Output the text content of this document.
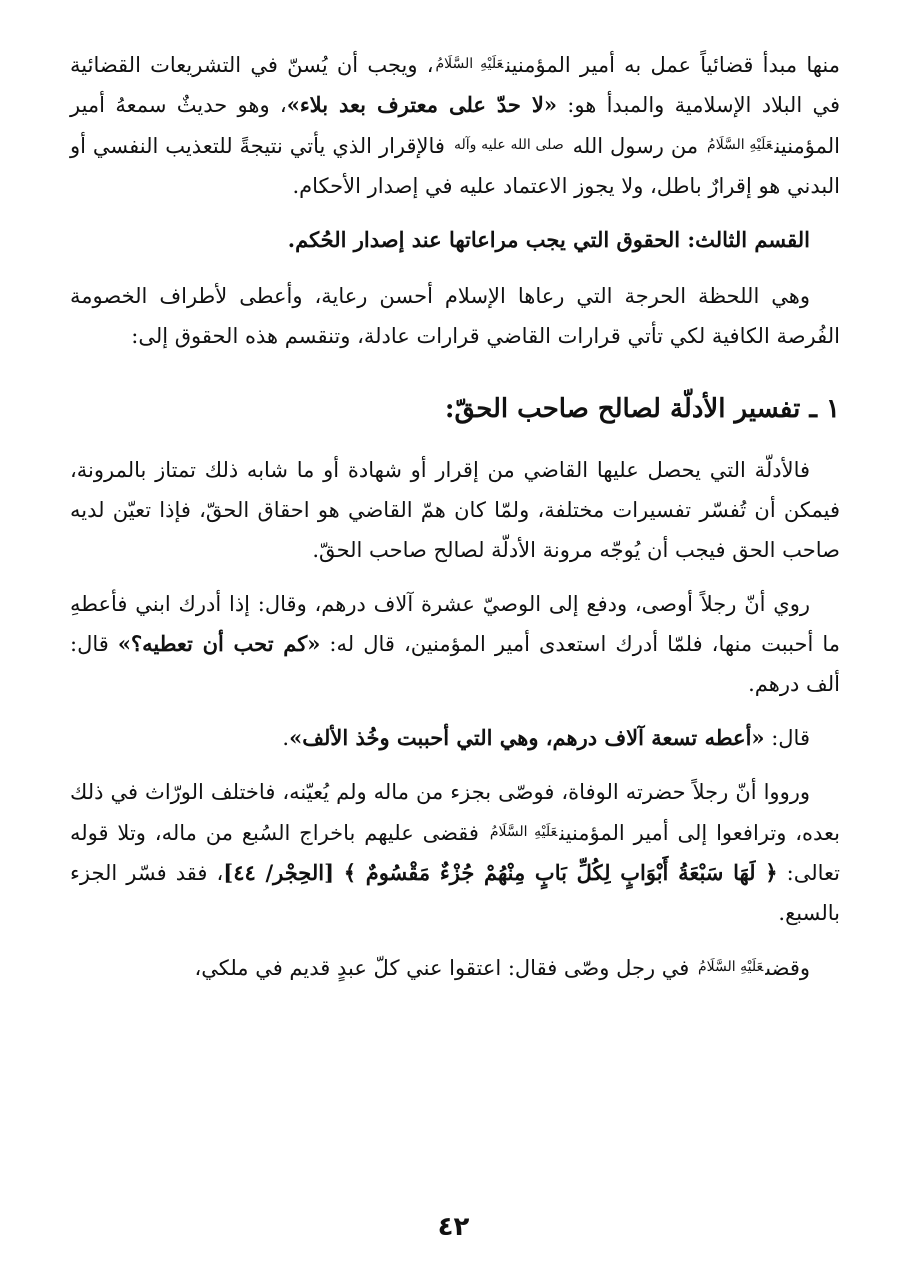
منها مبدأ قضائياً عمل به أمير المؤمنينعَلَيْهِ السَّلَامُ، ويجب أن يُسنّ في التشريعات القضائية في البلاد الإسلامية والمبدأ هو: «لا حدّ على معترف بعد بلاء»، وهو حديثٌ سمعهُ أمير المؤمنينعَلَيْهِ السَّلَامُ من رسول الله صلى الله عليه وآله فالإقرار الذي يأتي نتيجةً للتعذيب النفسي أو البدني هو إقرارٌ باطل، ولا يجوز الاعتماد عليه في إصدار الأحكام.

القسم الثالث: الحقوق التي يجب مراعاتها عند إصدار الحُكم.

وهي اللحظة الحرجة التي رعاها الإسلام أحسن رعاية، وأعطى لأطراف الخصومة الفُرصة الكافية لكي تأتي قرارات القاضي قرارات عادلة، وتنقسم هذه الحقوق إلى:

١ ـ تفسير الأدلّة لصالح صاحب الحقّ:

فالأدلّة التي يحصل عليها القاضي من إقرار أو شهادة أو ما شابه ذلك تمتاز بالمرونة، فيمكن أن تُفسّر تفسيرات مختلفة، ولمّا كان همّ القاضي هو احقاق الحقّ، فإذا تعيّن لديه صاحب الحق فيجب أن يُوجّه مرونة الأدلّة لصالح صاحب الحقّ.

روي أنّ رجلاً أوصى، ودفع إلى الوصيّ عشرة آلاف درهم، وقال: إذا أدرك ابني فأعطهِ ما أحببت منها، فلمّا أدرك استعدى أمير المؤمنين، قال له: «كم تحب أن تعطيه؟» قال: ألف درهم.

قال: «أعطه تسعة آلاف درهم، وهي التي أحببت وخُذ الألف».

ورووا أنّ رجلاً حضرته الوفاة، فوصّى بجزء من ماله ولم يُعيّنه، فاختلف الورّاث في ذلك بعده، وترافعوا إلى أمير المؤمنينعَلَيْهِ السَّلَامُ فقضى عليهم باخراج السُبع من ماله، وتلا قوله تعالى: ﴿ لَهَا سَبْعَةُ أَبْوَابٍ لِكُلِّ بَابٍ مِنْهُمْ جُزْءٌ مَقْسُومٌ ﴾ [الحِجْر/ ٤٤]، فقد فسّر الجزء بالسبع.

وقضىعَلَيْهِ السَّلَامُ في رجل وصّى فقال: اعتقوا عني كلّ عبدٍ قديم في ملكي،

٤٢
